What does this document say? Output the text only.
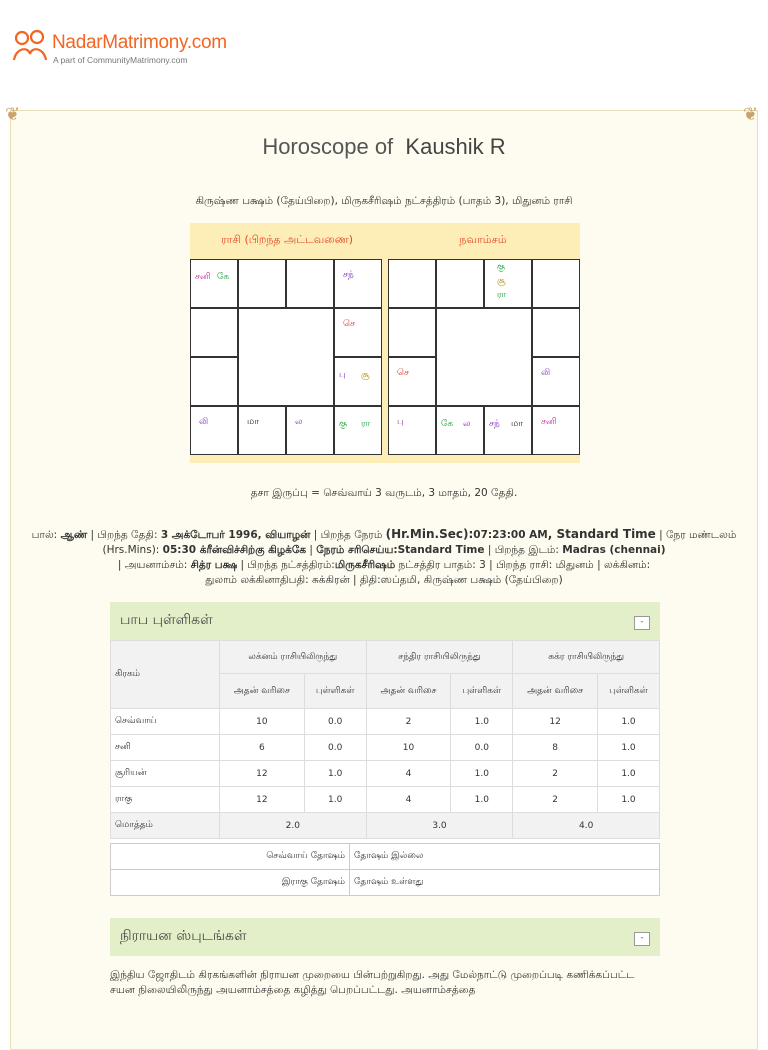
NadarMatrimony.com
A part of CommunityMatrimony.com
❦	❦
Horoscope of Kaushik R
கிருஷ்ண பக்ஷம் (தேய்பிறை), மிருகசீரிஷம் நட்சத்திரம் (பாதம் 3), மிதுனம் ராசி
ராசி (பிறந்த அட்டவணை)	நவாம்சம்
சனி கே	சந்
செ
பு சூ
லி	மா	ல	கு ரா
கு
சூ
ரா
செ	லி
பு	கே ல சந் மா சனி
தசா இருப்பு = செவ்வாய் 3 வருடம், 3 மாதம், 20 தேதி.
பால்: ஆண் | பிறந்த தேதி: 3 அக்டோபர் 1996, வியாழன் | பிறந்த நேரம் (Hr.Min.Sec):07:23:00 AM, Standard Time | நேர மண்டலம்
(Hrs.Mins): 05:30 க்ரீன்விச்சிற்கு கிழக்கே | நேரம் சரிசெய்ய:Standard Time | பிறந்த இடம்: Madras (chennai)
| அயனாம்சம்: சித்ர பக்ஷ | பிறந்த நட்சத்திரம்:மிருகசீரிஷம் நட்சத்திர பாதம்: 3 | பிறந்த ராசி: மிதுனம் | லக்கினம்:
துலாம் லக்கினாதிபதி: சுக்கிரன் | திதி:ஸப்தமி, கிருஷ்ண பக்ஷம் (தேய்பிறை)
பாப புள்ளிகள்	-
கிரகம்	லக்னம் ராசியிலிருந்து		சந்திர ராசியிலிருந்து		சுக்ர ராசியிலிருந்து	
	அதன் வரிசை	புள்ளிகள்	அதன் வரிசை	புள்ளிகள்	அதன் வரிசை	புள்ளிகள்
செவ்வாய்	10	0.0	2	1.0	12	1.0
சனி	6	0.0	10	0.0	8	1.0
சூரியன்	12	1.0	4	1.0	2	1.0
ராகு	12	1.0	4	1.0	2	1.0
மொத்தம்	2.0		3.0		4.0	
செவ்வாய் தோஷம்	தோஷம் இல்லை
இராகு தோஷம்	தோஷம் உள்ளது
நிராயன ஸ்புடங்கள்	-
இந்திய ஜோதிடம் கிரகங்களின் நிராயன முறையை பின்பற்றுகிறது. அது மேல்நாட்டு முறைப்படி கணிக்கப்பட்ட சயன நிலையிலிருந்து அயனாம்சத்தை கழித்து பெறப்பட்டது. அயனாம்சத்தை
